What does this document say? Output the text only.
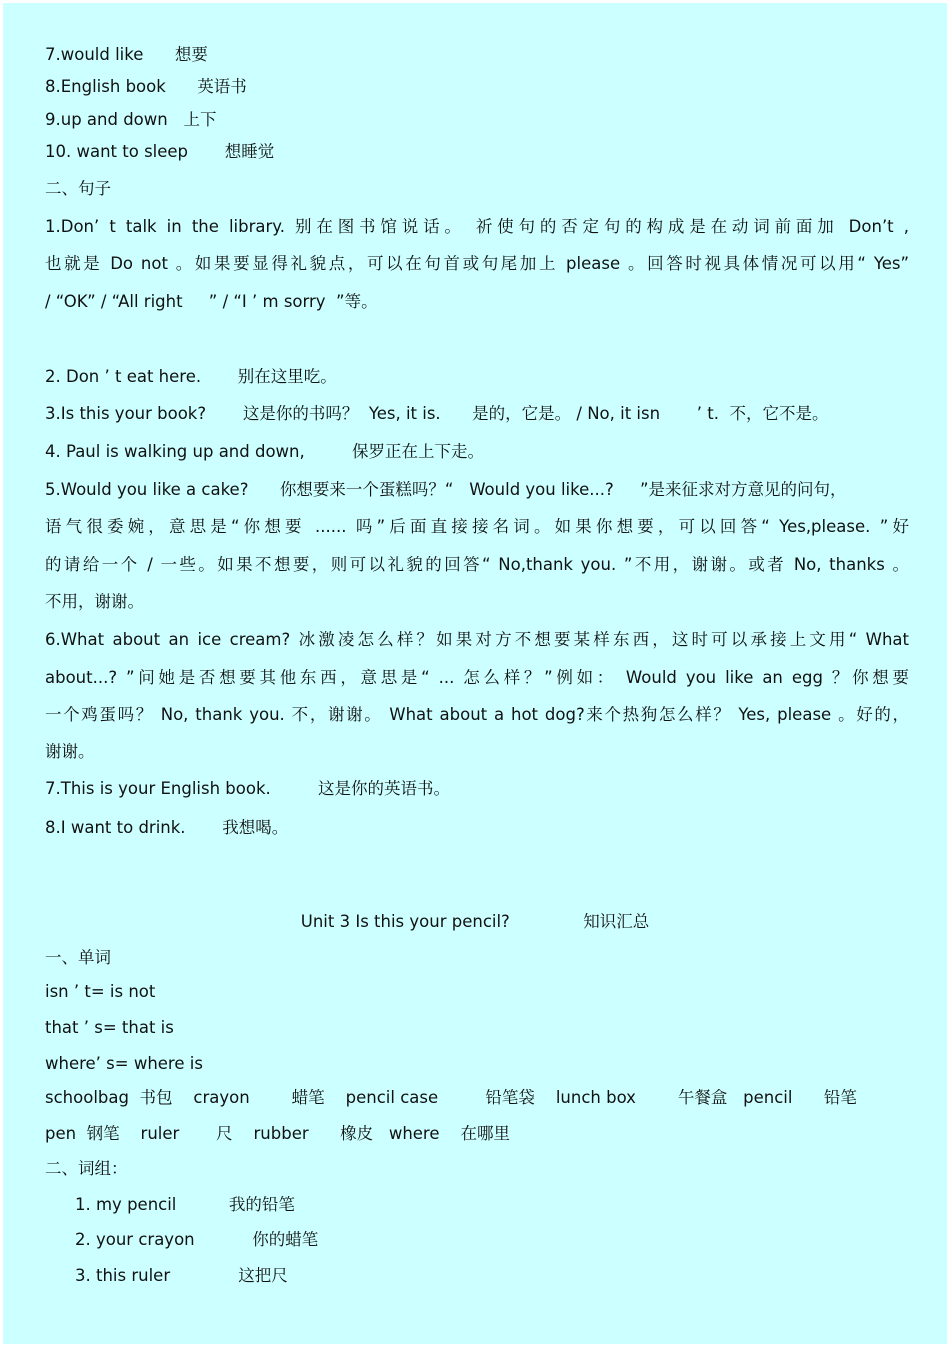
7.would like      想要
8.English book      英语书
9.up and down   上下
10. want to sleep       想睡觉
二、句子
1.Don’ t talk in the library. 别在图书馆说话。 祈使句的否定句的构成是在动词前面加 Don’t ,
也就是 Do not 。如果要显得礼貌点，可以在句首或句尾加上 please 。回答时视具体情况可以用“ Yes”
/ “OK” / “All right     ” / “I ’ m sorry  ”等。
2. Don ’ t eat here.       别在这里吃。
3.Is this your book?       这是你的书吗？  Yes, it is.      是的，它是。 / No, it isn       ’ t.  不，它不是。
4. Paul is walking up and down,         保罗正在上下走。
5.Would you like a cake?      你想要来一个蛋糕吗？“   Would you like...?     ”是来征求对方意见的问句，
语气很委婉，意思是“你想要 ...... 吗”后面直接接名词。如果你想要，可以回答“ Yes,please. ”好
的请给一个 / 一些。如果不想要，则可以礼貌的回答“ No,thank you. ”不用，谢谢。或者 No, thanks 。
不用，谢谢。
6.What about an ice cream? 冰激凌怎么样？如果对方不想要某样东西，这时可以承接上文用“ What
about...? ”问她是否想要其他东西，意思是“ ... 怎么样？”例如： Would you like an egg ？你想要
一个鸡蛋吗？ No, thank you. 不，谢谢。 What about a hot dog?来个热狗怎么样？ Yes, please 。好的，
谢谢。
7.This is your English book.         这是你的英语书。
8.I want to drink.       我想喝。
Unit 3 Is this your pencil?              知识汇总
一、单词
isn ’ t= is not
that ’ s= that is
where’ s= where is
schoolbag  书包    crayon        蜡笔    pencil case         铅笔袋    lunch box        午餐盒   pencil      铅笔
pen  钢笔    ruler       尺    rubber      橡皮   where    在哪里
二、词组：
1. my pencil          我的铅笔
2. your crayon           你的蜡笔
3. this ruler             这把尺
